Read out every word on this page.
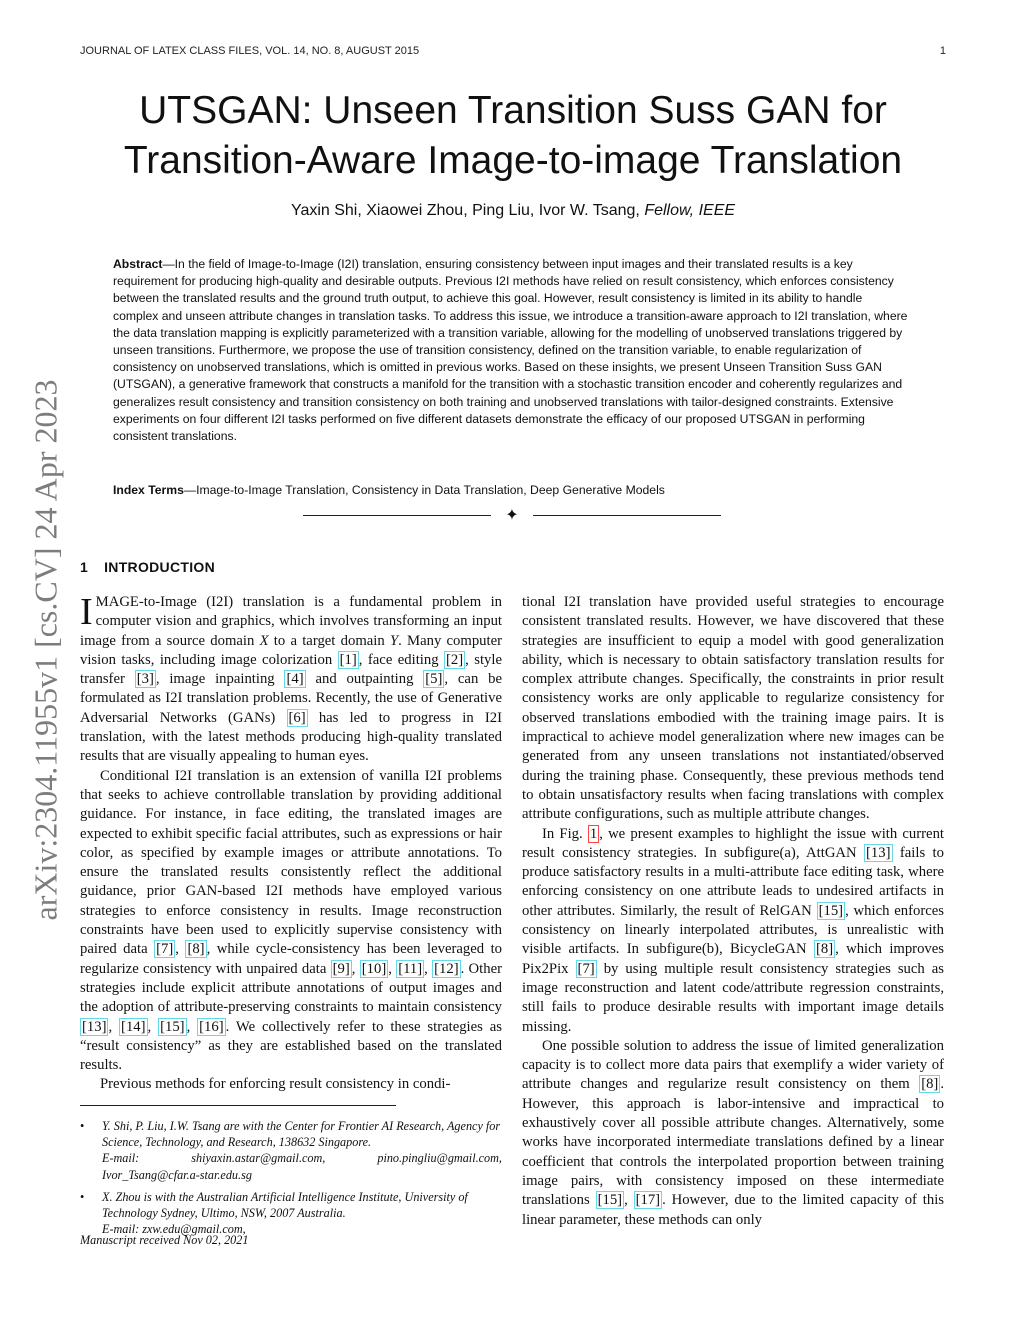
JOURNAL OF LATEX CLASS FILES, VOL. 14, NO. 8, AUGUST 2015	1
arXiv:2304.11955v1 [cs.CV] 24 Apr 2023
UTSGAN: Unseen Transition Suss GAN for
Transition-Aware Image-to-image Translation
Yaxin Shi, Xiaowei Zhou, Ping Liu, Ivor W. Tsang, Fellow, IEEE
Abstract—In the field of Image-to-Image (I2I) translation, ensuring consistency between input images and their translated results is a key requirement for producing high-quality and desirable outputs. Previous I2I methods have relied on result consistency, which enforces consistency between the translated results and the ground truth output, to achieve this goal. However, result consistency is limited in its ability to handle complex and unseen attribute changes in translation tasks. To address this issue, we introduce a transition-aware approach to I2I translation, where the data translation mapping is explicitly parameterized with a transition variable, allowing for the modelling of unobserved translations triggered by unseen transitions. Furthermore, we propose the use of transition consistency, defined on the transition variable, to enable regularization of consistency on unobserved translations, which is omitted in previous works. Based on these insights, we present Unseen Transition Suss GAN (UTSGAN), a generative framework that constructs a manifold for the transition with a stochastic transition encoder and coherently regularizes and generalizes result consistency and transition consistency on both training and unobserved translations with tailor-designed constraints. Extensive experiments on four different I2I tasks performed on five different datasets demonstrate the efficacy of our proposed UTSGAN in performing consistent translations.
Index Terms—Image-to-Image Translation, Consistency in Data Translation, Deep Generative Models
✦
1 INTRODUCTION

IMAGE-to-Image (I2I) translation is a fundamental problem in computer vision and graphics, which involves transforming an input image from a source domain X to a target domain Y. Many computer vision tasks, including image colorization [1] , face editing [2] , style transfer [3] , image inpainting [4] and outpainting [5] , can be formulated as I2I translation problems. Recently, the use of Generative Adversarial Networks (GANs) [6] has led to progress in I2I translation, with the latest methods producing high-quality translated results that are visually appealing to human eyes.

Conditional I2I translation is an extension of vanilla I2I problems that seeks to achieve controllable translation by providing additional guidance. For instance, in face editing, the translated images are expected to exhibit specific facial attributes, such as expressions or hair color, as specified by example images or attribute annotations. To ensure the translated results consistently reflect the additional guidance, prior GAN-based I2I methods have employed various strategies to enforce consistency in results. Image reconstruction constraints have been used to explicitly supervise consistency with paired data [7] , [8] , while cycle-consistency has been leveraged to regularize consistency with unpaired data [9] , [10] , [11] , [12] . Other strategies include explicit attribute annotations of output images and the adoption of attribute-preserving constraints to maintain consistency [13] , [14] , [15] , [16] . We collectively refer to these strategies as “result consistency” as they are established based on the translated results.

Previous methods for enforcing result consistency in condi-

• Y. Shi, P. Liu, I.W. Tsang are with the Center for Frontier AI Research, Agency for Science, Technology, and Research, 138632 Singapore.
E-mail:	shiyaxin.astar@gmail.com,	pino.pingliu@gmail.com,
Ivor_Tsang@cfar.a-star.edu.sg
• X. Zhou is with the Australian Artificial Intelligence Institute, University of Technology Sydney, Ultimo, NSW, 2007 Australia.
E-mail: zxw.edu@gmail.com,
Manuscript received Nov 02, 2021

tional I2I translation have provided useful strategies to encourage consistent translated results. However, we have discovered that these strategies are insufficient to equip a model with good generalization ability, which is necessary to obtain satisfactory translation results for complex attribute changes. Specifically, the constraints in prior result consistency works are only applicable to regularize consistency for observed translations embodied with the training image pairs. It is impractical to achieve model generalization where new images can be generated from any unseen translations not instantiated/observed during the training phase. Consequently, these previous methods tend to obtain unsatisfactory results when facing translations with complex attribute configurations, such as multiple attribute changes.

In Fig. 1 , we present examples to highlight the issue with current result consistency strategies. In subfigure(a), AttGAN [13] fails to produce satisfactory results in a multi-attribute face editing task, where enforcing consistency on one attribute leads to undesired artifacts in other attributes. Similarly, the result of RelGAN [15] , which enforces consistency on linearly interpolated attributes, is unrealistic with visible artifacts. In subfigure(b), BicycleGAN [8] , which improves Pix2Pix [7] by using multiple result consistency strategies such as image reconstruction and latent code/attribute regression constraints, still fails to produce desirable results with important image details missing.

One possible solution to address the issue of limited generalization capacity is to collect more data pairs that exemplify a wider variety of attribute changes and regularize result consistency on them [8] . However, this approach is labor-intensive and impractical to exhaustively cover all possible attribute changes. Alternatively, some works have incorporated intermediate translations defined by a linear coefficient that controls the interpolated proportion between training image pairs, with consistency imposed on these intermediate translations [15] , [17] . However, due to the limited capacity of this linear parameter, these methods can only
